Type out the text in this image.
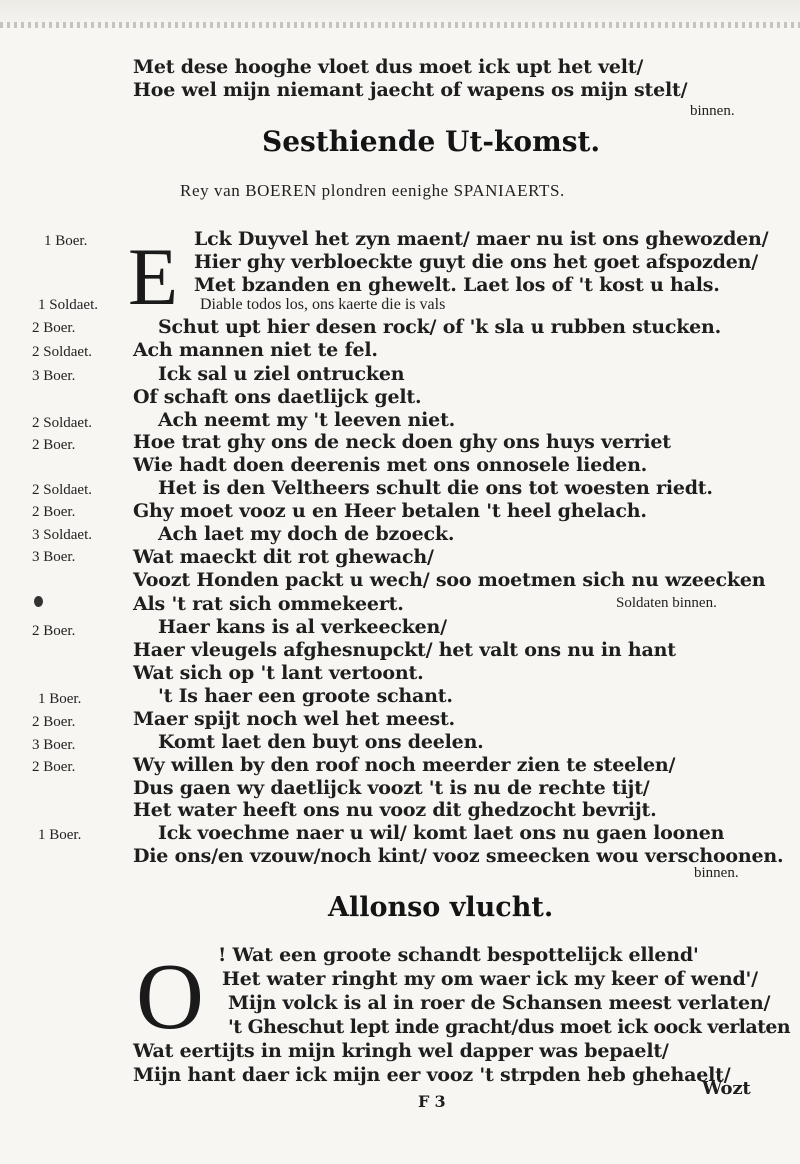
Met dese hooghe vloet dus moet ick upt het velt/
Hoe wel mijn niemant jaecht of wapens os mijn stelt/
binnen.
Sesthiende Ut-komst.
Rey van BOEREN plondren eenighe SPANIAERTS.
E
1 Boer.
1 Soldaet.
2 Boer.
2 Soldaet.
3 Boer.
2 Soldaet.
2 Boer.
2 Soldaet.
2 Boer.
3 Soldaet.
3 Boer.
2 Boer.
1 Boer.
2 Boer.
3 Boer.
2 Boer.
1 Boer.
Lck Duyvel het zyn maent/ maer nu ist ons ghewozden/
Hier ghy verbloeckte guyt die ons het goet afspozden/
Met bzanden en ghewelt. Laet los of 't kost u hals.
Diable todos los, ons kaerte die is vals
Schut upt hier desen rock/ of 'k sla u rubben stucken.
Ach mannen niet te fel.
Ick sal u ziel ontrucken
Of schaft ons daetlijck gelt.
Ach neemt my 't leeven niet.
Hoe trat ghy ons de neck doen ghy ons huys verriet
Wie hadt doen deerenis met ons onnosele lieden.
Het is den Veltheers schult die ons tot woesten riedt.
Ghy moet vooz u en Heer betalen 't heel ghelach.
Ach laet my doch de bzoeck.
Wat maeckt dit rot ghewach/
Voozt Honden packt u wech/ soo moetmen sich nu wzeecken
Als 't rat sich ommekeert.	Soldaten binnen.
Haer kans is al verkeecken/
Haer vleugels afghesnupckt/ het valt ons nu in hant
Wat sich op 't lant vertoont.
't Is haer een groote schant.
Maer spijt noch wel het meest.
Komt laet den buyt ons deelen.
Wy willen by den roof noch meerder zien te steelen/
Dus gaen wy daetlijck voozt 't is nu de rechte tijt/
Het water heeft ons nu vooz dit ghedzocht bevrijt.
Ick voechme naer u wil/ komt laet ons nu gaen loonen
Die ons/en vzouw/noch kint/ vooz smeecken wou verschoonen.
binnen.
Allonso vlucht.
O ! Wat een groote schandt bespottelijck ellend'
Het water ringht my om waer ick my keer of wend'/
Mijn volck is al in roer de Schansen meest verlaten/
't Gheschut lept inde gracht/dus moet ick oock verlaten
Wat eertijts in mijn kringh wel dapper was bepaelt/
Mijn hant daer ick mijn eer vooz 't strpden heb ghehaelt/
F 3
Wozt
